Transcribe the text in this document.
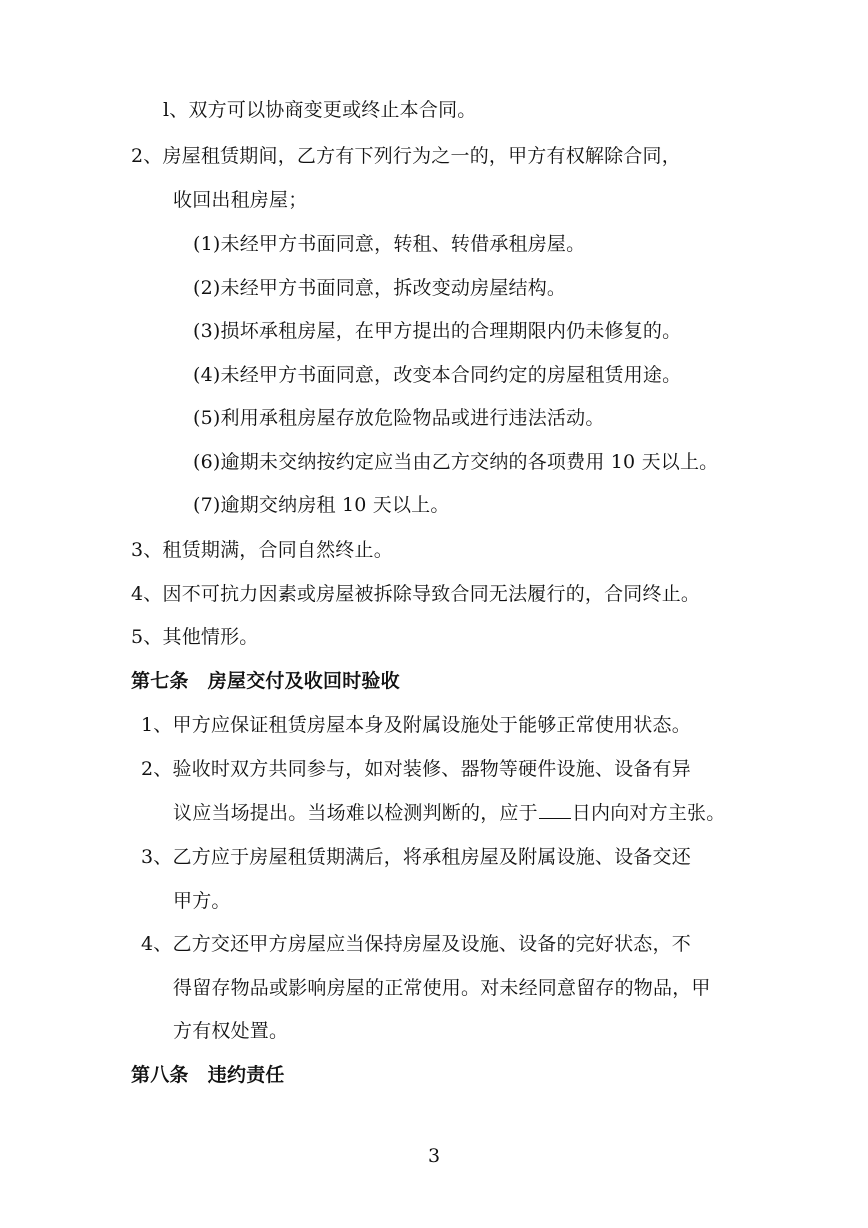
l、双方可以协商变更或终止本合同。
2、房屋租赁期间，乙方有下列行为之一的，甲方有权解除合同，
收回出租房屋；
(1)未经甲方书面同意，转租、转借承租房屋。
(2)未经甲方书面同意，拆改变动房屋结构。
(3)损坏承租房屋，在甲方提出的合理期限内仍未修复的。
(4)未经甲方书面同意，改变本合同约定的房屋租赁用途。
(5)利用承租房屋存放危险物品或进行违法活动。
(6)逾期未交纳按约定应当由乙方交纳的各项费用 10 天以上。
(7)逾期交纳房租 10 天以上。
3、租赁期满，合同自然终止。
4、因不可抗力因素或房屋被拆除导致合同无法履行的，合同终止。
5、其他情形。
第七条　房屋交付及收回时验收
1、甲方应保证租赁房屋本身及附属设施处于能够正常使用状态。
2、验收时双方共同参与，如对装修、器物等硬件设施、设备有异
议应当场提出。当场难以检测判断的，应于 日内向对方主张。
3、乙方应于房屋租赁期满后，将承租房屋及附属设施、设备交还
甲方。
4、乙方交还甲方房屋应当保持房屋及设施、设备的完好状态，不
得留存物品或影响房屋的正常使用。对未经同意留存的物品，甲
方有权处置。
第八条　违约责任
3
